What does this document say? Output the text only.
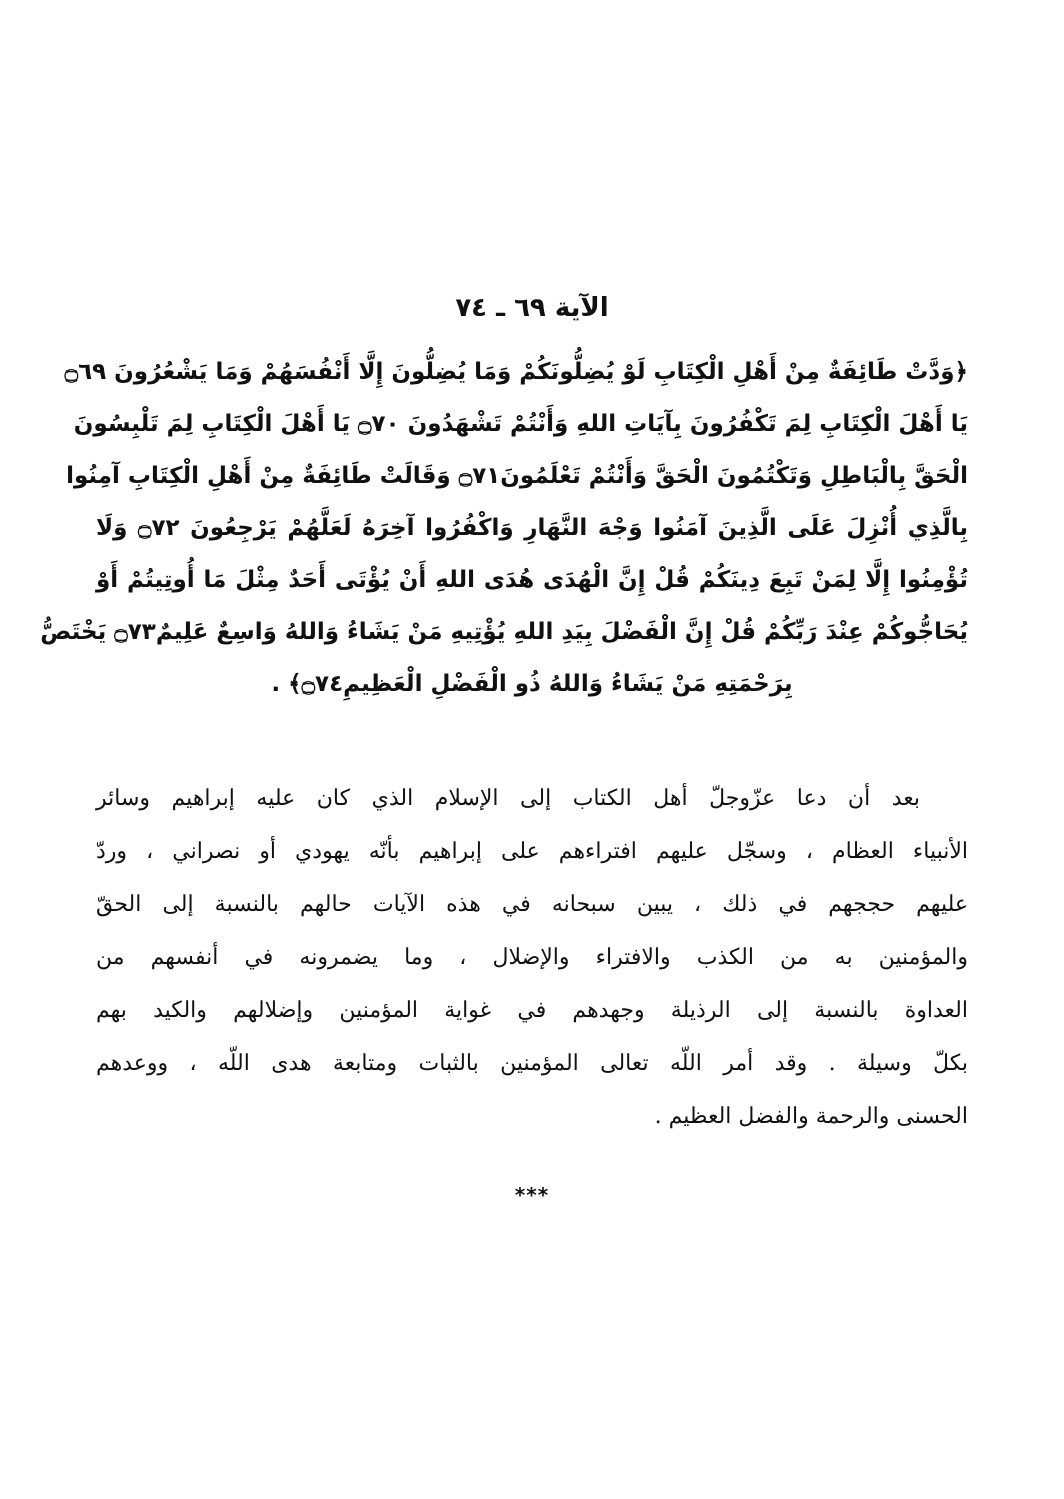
الآية ٦٩ ـ ٧٤
﴿وَدَّتْ طَائِفَةٌ مِنْ أَهْلِ الْكِتَابِ لَوْ يُضِلُّونَكُمْ وَمَا يُضِلُّونَ إِلَّا أَنْفُسَهُمْ وَمَا يَشْعُرُونَ ۝٦٩
يَا أَهْلَ الْكِتَابِ لِمَ تَكْفُرُونَ بِآيَاتِ اللهِ وَأَنْتُمْ تَشْهَدُونَ ۝٧٠ يَا أَهْلَ الْكِتَابِ لِمَ تَلْبِسُونَ
الْحَقَّ بِالْبَاطِلِ وَتَكْتُمُونَ الْحَقَّ وَأَنْتُمْ تَعْلَمُونَ۝٧١ وَقَالَتْ طَائِفَةٌ مِنْ أَهْلِ الْكِتَابِ آمِنُوا
بِالَّذِي أُنْزِلَ عَلَى الَّذِينَ آمَنُوا وَجْهَ النَّهَارِ وَاكْفُرُوا آخِرَهُ لَعَلَّهُمْ يَرْجِعُونَ ۝٧٢ وَلَا
تُؤْمِنُوا إِلَّا لِمَنْ تَبِعَ دِينَكُمْ قُلْ إِنَّ الْهُدَى هُدَى اللهِ أَنْ يُؤْتَى أَحَدٌ مِثْلَ مَا أُوتِيتُمْ أَوْ
يُحَاجُّوكُمْ عِنْدَ رَبِّكُمْ قُلْ إِنَّ الْفَضْلَ بِيَدِ اللهِ يُؤْتِيهِ مَنْ يَشَاءُ وَاللهُ وَاسِعٌ عَلِيمٌ۝٧٣ يَخْتَصُّ
بِرَحْمَتِهِ مَنْ يَشَاءُ وَاللهُ ذُو الْفَضْلِ الْعَظِيمِ۝٧٤﴾ .
بعد أن دعا عزّوجلّ أهل الكتاب إلى الإسلام الذي كان عليه إبراهيم وسائر
الأنبياء العظام ، وسجّل عليهم افتراءهم على إبراهيم بأنّه يهودي أو نصراني ، وردّ
عليهم حججهم في ذلك ، يبين سبحانه في هذه الآيات حالهم بالنسبة إلى الحقّ
والمؤمنين به من الكذب والافتراء والإضلال ، وما يضمرونه في أنفسهم من
العداوة بالنسبة إلى الرذيلة وجهدهم في غواية المؤمنين وإضلالهم والكيد بهم
بكلّ وسيلة . وقد أمر اللّه تعالى المؤمنين بالثبات ومتابعة هدى اللّه ، ووعدهم
الحسنى والرحمة والفضل العظيم .
***
